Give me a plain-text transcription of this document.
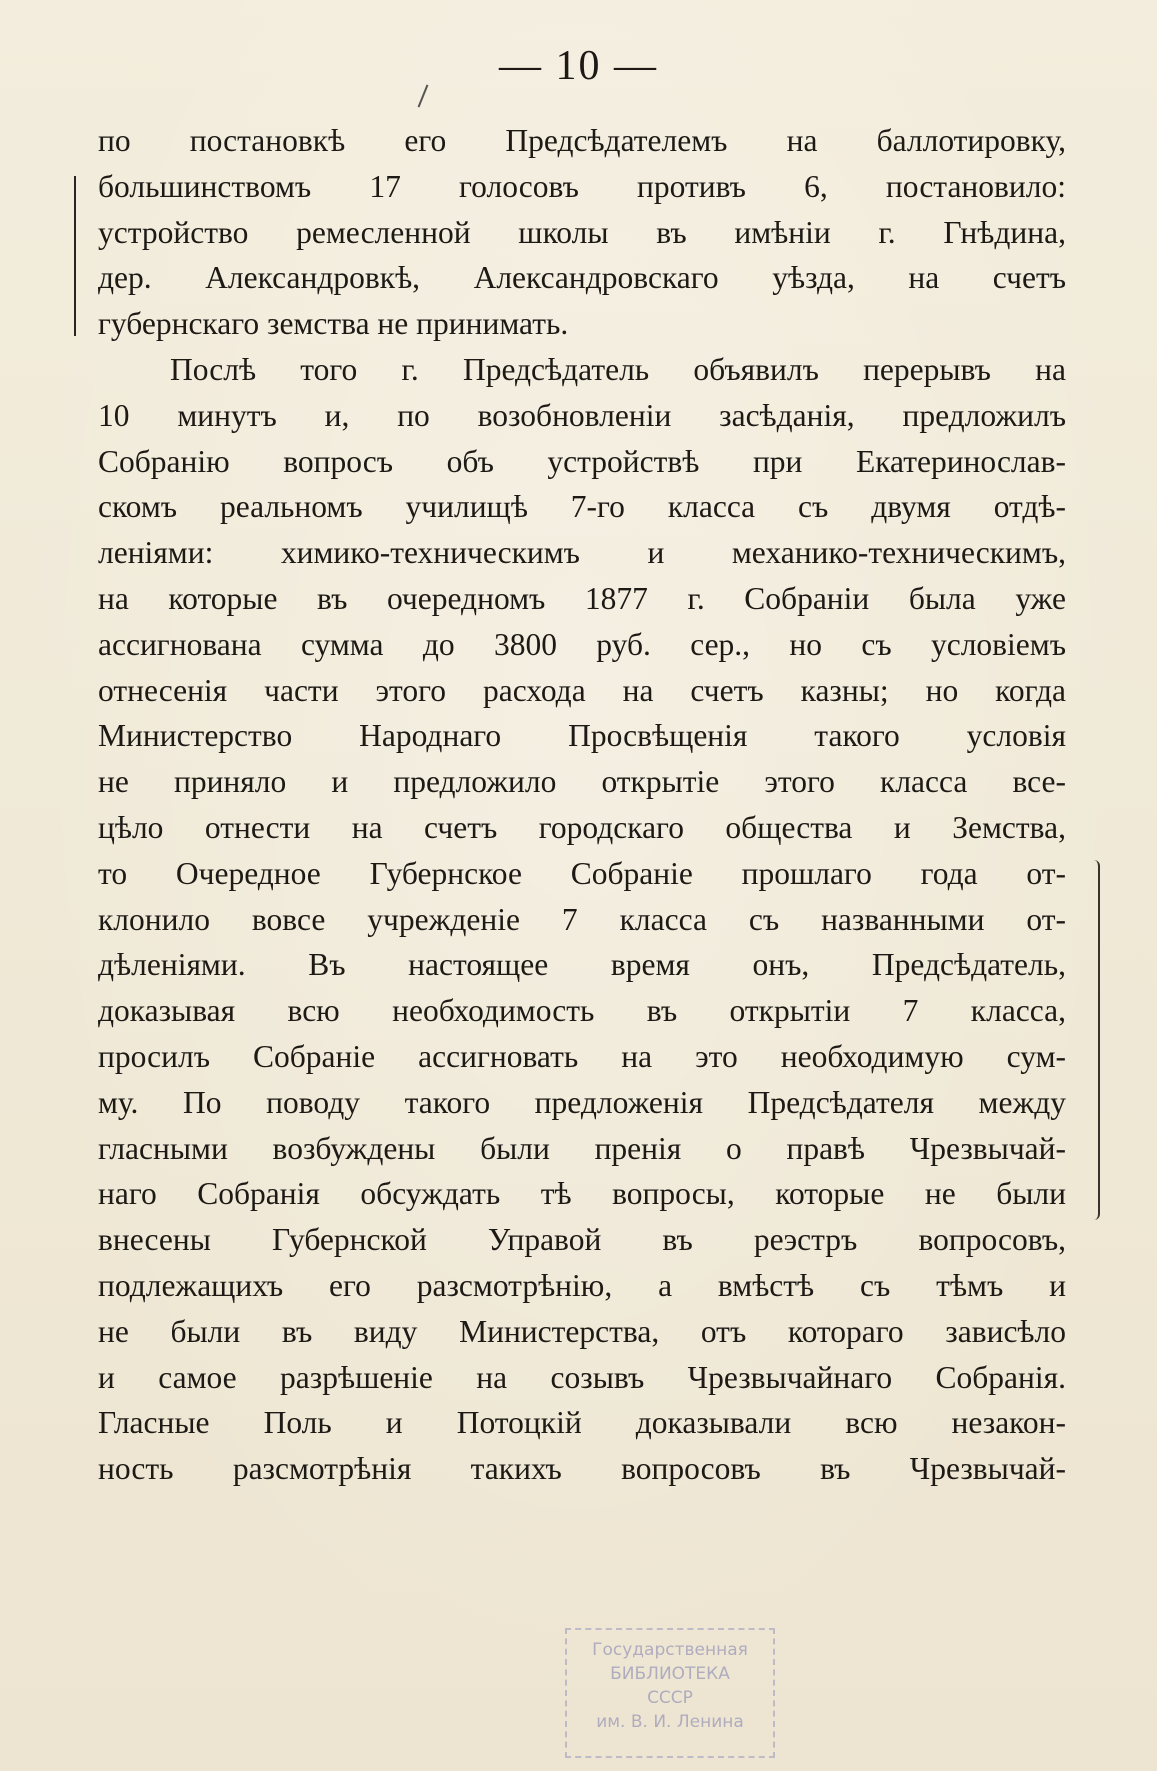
— 10 —
по постановкѣ его Предсѣдателемъ на баллотировку,
большинствомъ 17 голосовъ противъ 6, постановило:
устройство ремесленной школы въ имѣніи г. Гнѣдина,
дер. Александровкѣ, Александровскаго уѣзда, на счетъ
губернскаго земства не принимать.
Послѣ того г. Предсѣдатель объявилъ перерывъ на
10 минутъ и, по возобновленіи засѣданія, предложилъ
Собранію вопросъ объ устройствѣ при Екатеринослав-
скомъ реальномъ училищѣ 7-го класса съ двумя отдѣ-
леніями: химико-техническимъ и механико-техническимъ,
на которые въ очередномъ 1877 г. Собраніи была уже
ассигнована сумма до 3800 руб. сер., но съ условіемъ
отнесенія части этого расхода на счетъ казны; но когда
Министерство Народнаго Просвѣщенія такого условія
не приняло и предложило открытіе этого класса все-
цѣло отнести на счетъ городскаго общества и Земства,
то Очередное Губернское Собраніе прошлаго года от-
клонило вовсе учрежденіе 7 класса съ названными от-
дѣленіями. Въ настоящее время онъ, Предсѣдатель,
доказывая всю необходимость въ открытіи 7 класса,
просилъ Собраніе ассигновать на это необходимую сум-
му. По поводу такого предложенія Предсѣдателя между
гласными возбуждены были пренія о правѣ Чрезвычай-
наго Собранія обсуждать тѣ вопросы, которые не были
внесены Губернской Управой въ реэстръ вопросовъ,
подлежащихъ его разсмотрѣнію, а вмѣстѣ съ тѣмъ и
не были въ виду Министерства, отъ котораго зависѣло
и самое разрѣшеніе на созывъ Чрезвычайнаго Собранія.
Гласные Поль и Потоцкій доказывали всю незакон-
ность разсмотрѣнія такихъ вопросовъ въ Чрезвычай-
Государственная
БИБЛИОТЕКА
СССР
им. В. И. Ленина
